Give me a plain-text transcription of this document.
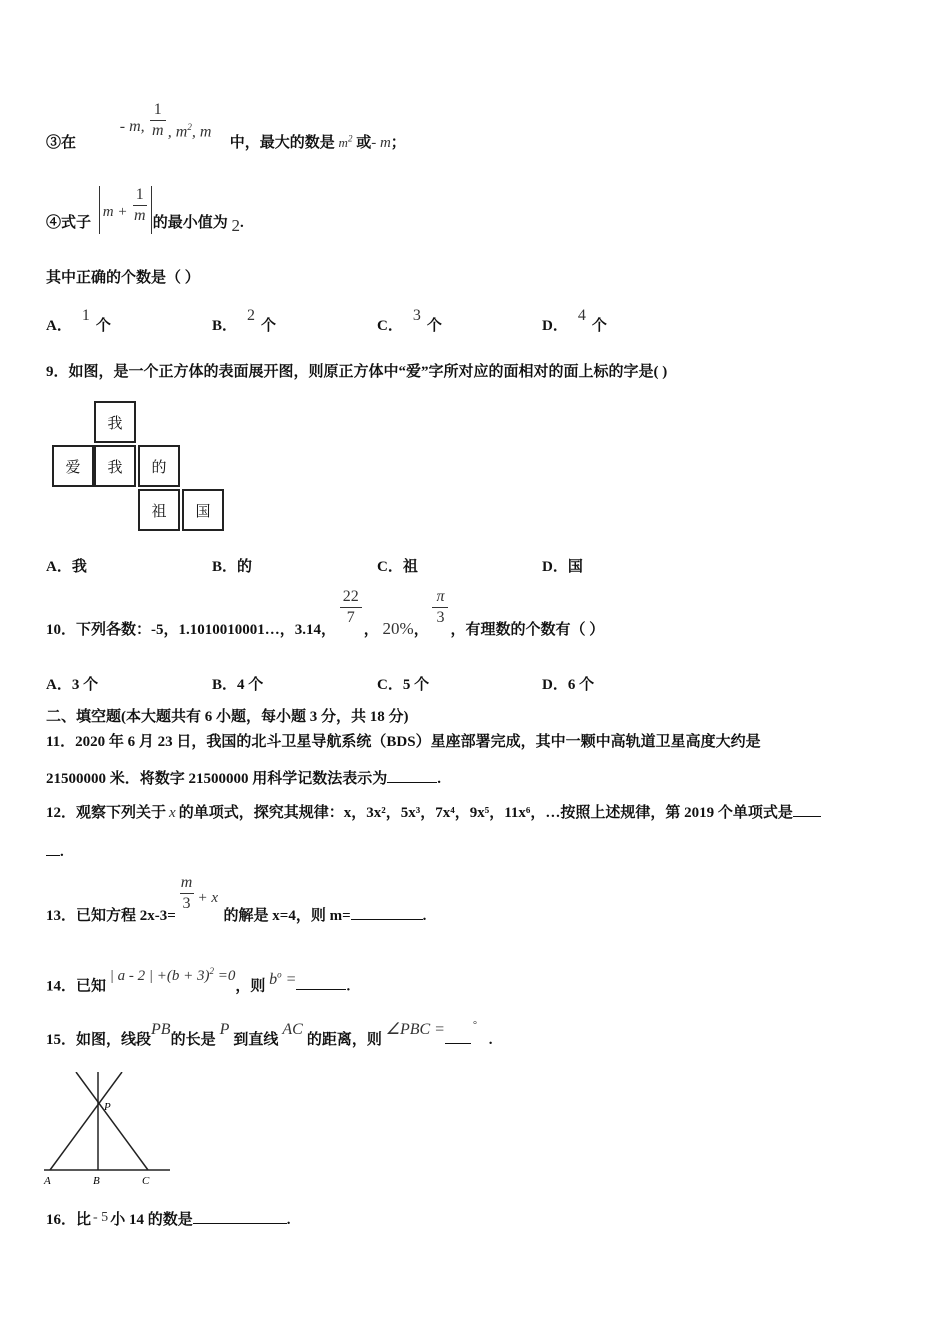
③在
- m,
1
m , $m^2$, m
中，最大的数是 $m^2$ 或- m；
④式子
m +
1
m 的最小值为 2.
其中正确的个数是（ ）
A．1个	B．2个	C．3个	D．4个
9．如图，是一个正方体的表面展开图，则原正方体中“爱”字所对应的面相对的面上标的字是( )
我
爱	我	的
祖	国
A．我	B．的	C．祖	D．国
10．下列各数：-5，1.1010010001…，3.14，
22
7
， 20%，
π
3
，有理数的个数有（ ）
A．3 个	B．4 个	C．5 个	D．6 个
二、填空题(本大题共有 6 小题，每小题 3 分，共 18 分)
11．2020 年 6 月 23 日，我国的北斗卫星导航系统（BDS）星座部署完成，其中一颗中高轨道卫星高度大约是
21500000 米．将数字 21500000 用科学记数法表示为	.
12．观察下列关于 x 的单项式，探究其规律：x，3x²，5x³，7x⁴，9x⁵，11x⁶，…按照上述规律，第 2019 个单项式是
.
13．已知方程 2x-3=
m
3 + x
的解是 x=4，则 m=	.
14．已知 | a - 2 | $+(b + 3)^2 =0$，则 $b^o$ =	.
15．如图，线段PB的长是P到直线AC的距离，则 ∠PBC =	°
.
P
A	B	C
16．比 - 5 小 14 的数是	.
